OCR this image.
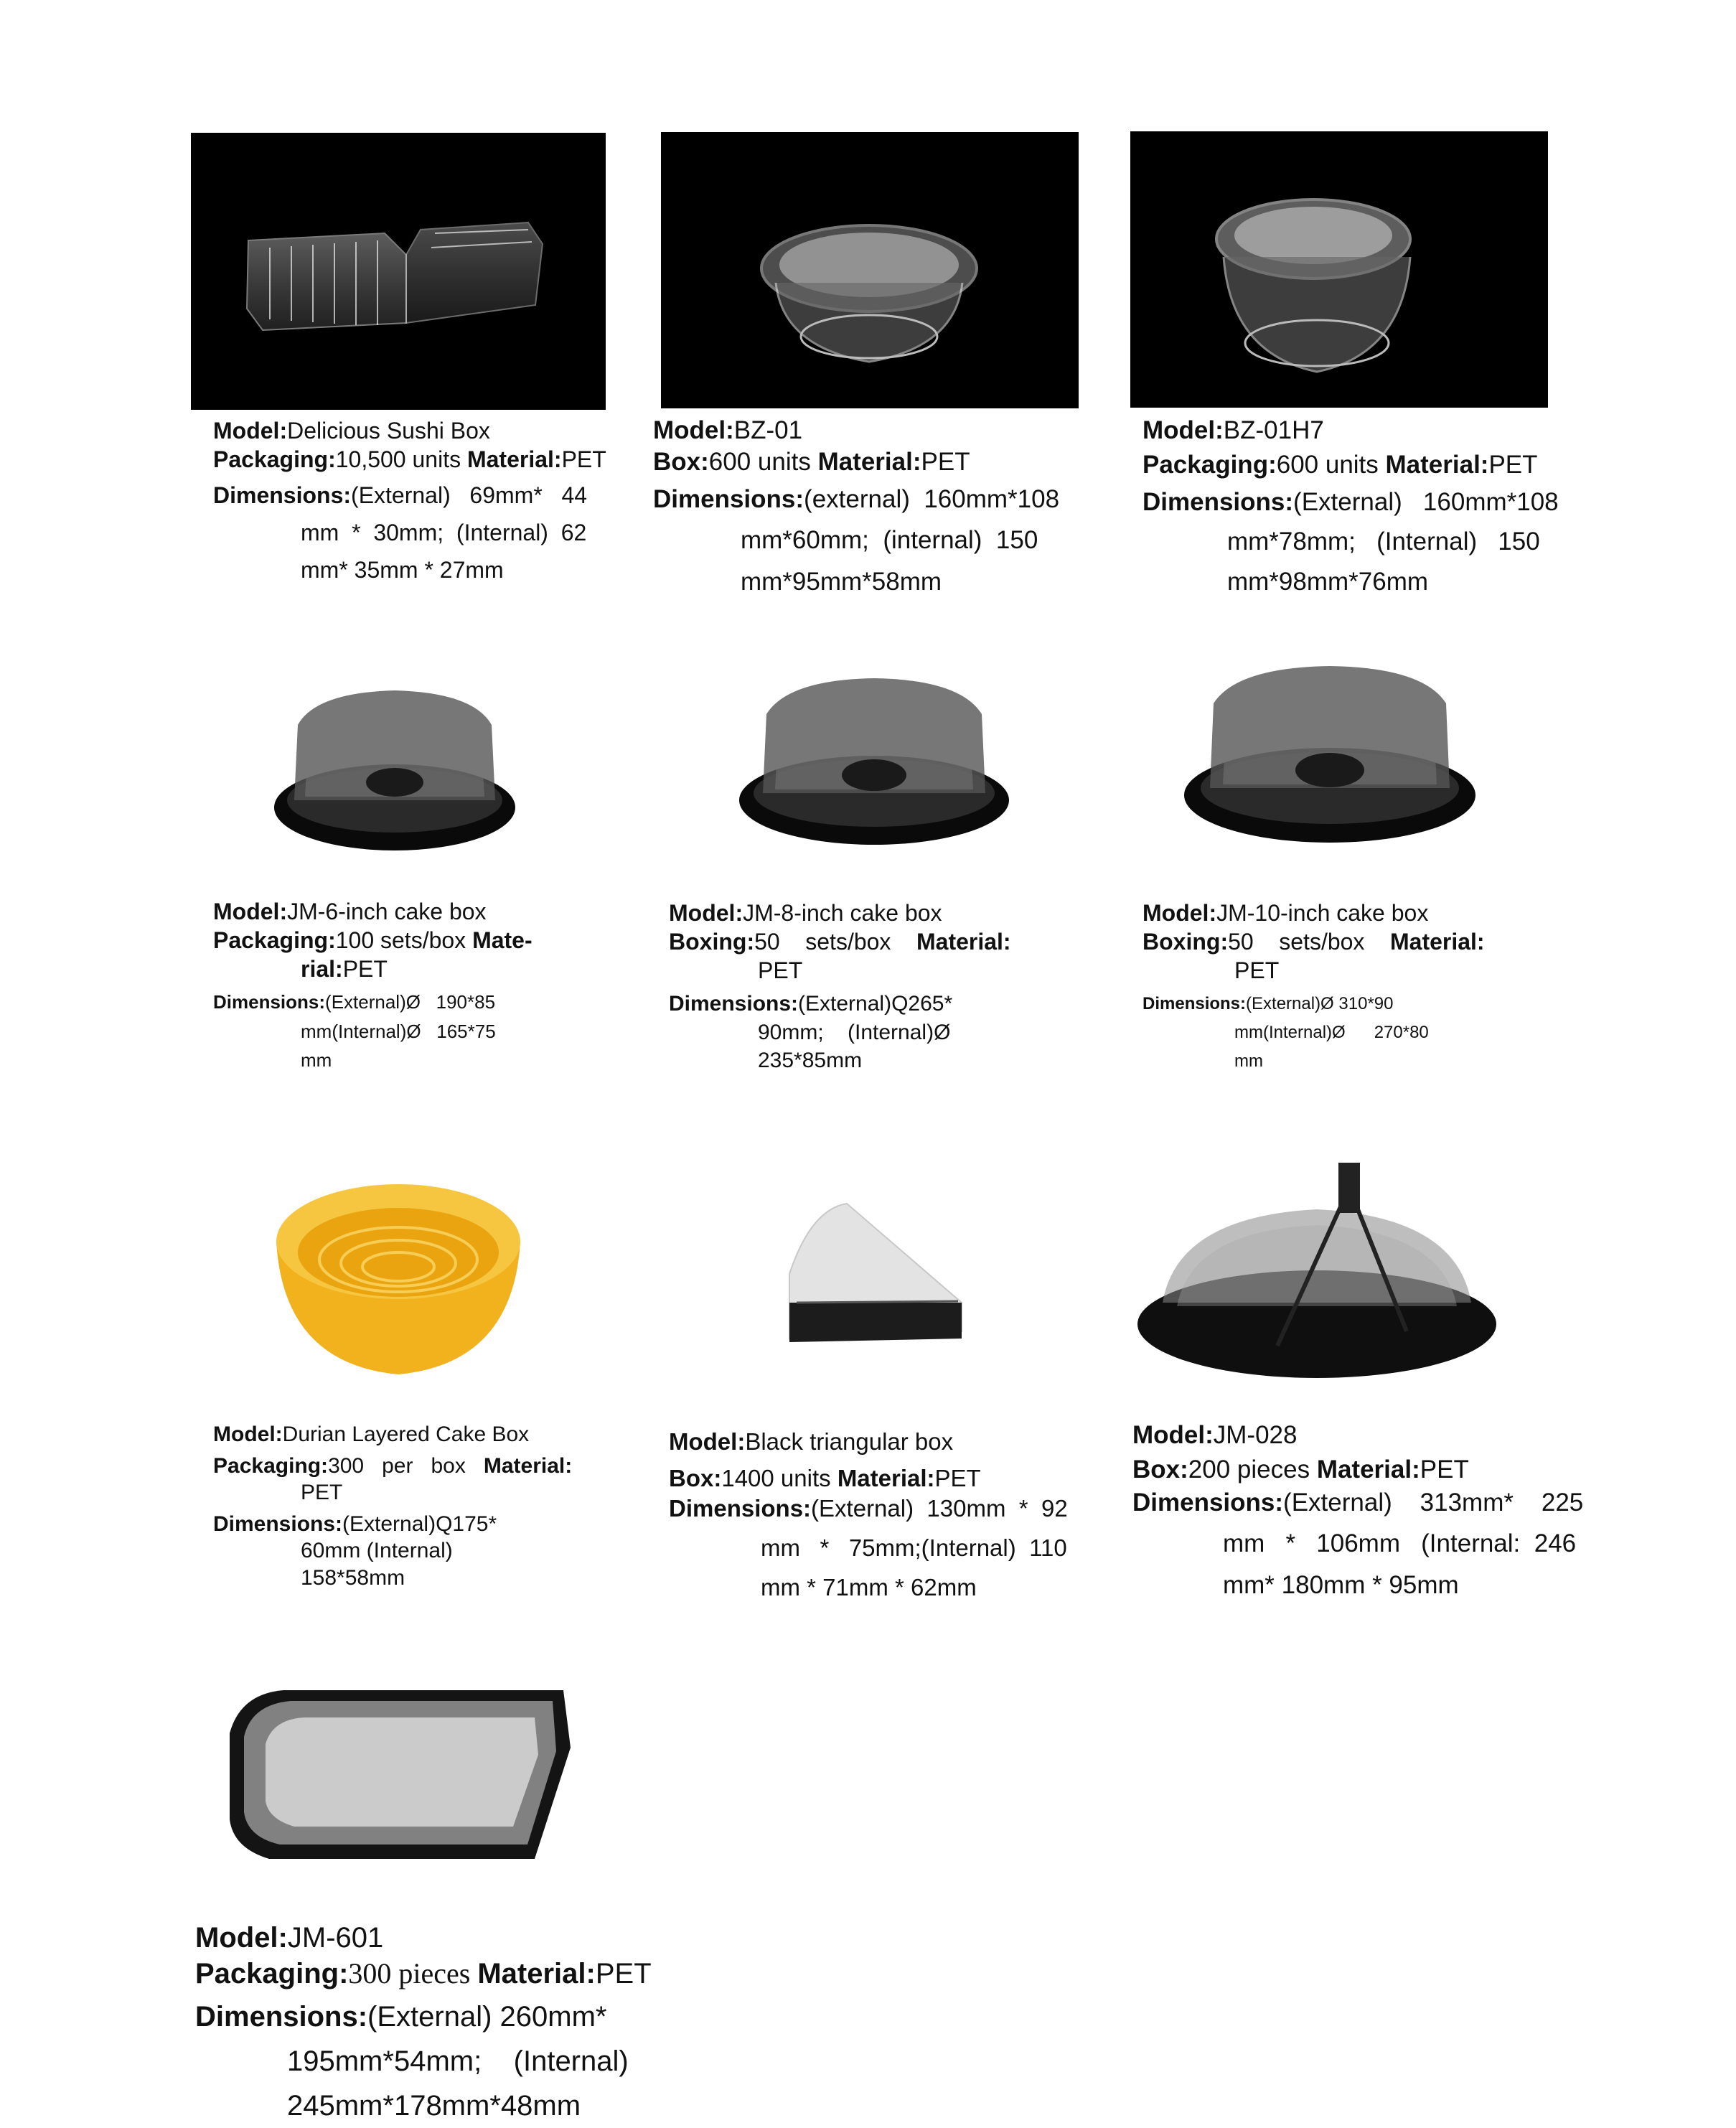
Model:Delicious Sushi Box
Packaging:10,500 units Material:PET
Dimensions:(External)   69mm*   44
mm  *  30mm;  (Internal)  62
mm* 35mm * 27mm
Model:BZ-01
Box:600 units Material:PET
Dimensions:(external)  160mm*108
mm*60mm;  (internal)  150
mm*95mm*58mm
Model:BZ-01H7
Packaging:600 units Material:PET
Dimensions:(External)   160mm*108
mm*78mm;   (Internal)   150
mm*98mm*76mm
Model:JM-6-inch cake box
Packaging:100 sets/box Mate-
rial:PET
Dimensions:(External)Ø   190*85
mm(Internal)Ø   165*75
mm
Model:JM-8-inch cake box
Boxing:50    sets/box    Material:
PET
Dimensions:(External)Q265*
90mm;    (Internal)Ø
235*85mm
Model:JM-10-inch cake box
Boxing:50    sets/box    Material:
PET
Dimensions:(External)Ø 310*90
mm(Internal)Ø      270*80
mm
Model:Durian Layered Cake Box
Packaging:300   per   box   Material:
PET
Dimensions:(External)Q175*
60mm (Internal)
158*58mm
Model:Black triangular box
Box:1400 units Material:PET
Dimensions:(External)  130mm  *  92
mm   *   75mm;(Internal)  110
mm * 71mm * 62mm
Model:JM-028
Box:200 pieces Material:PET
Dimensions:(External)    313mm*    225
mm   *   106mm   (Internal:  246
mm* 180mm * 95mm
Model:JM-601
Packaging:300 pieces Material:PET
Dimensions:(External) 260mm*
195mm*54mm;    (Internal)
245mm*178mm*48mm
